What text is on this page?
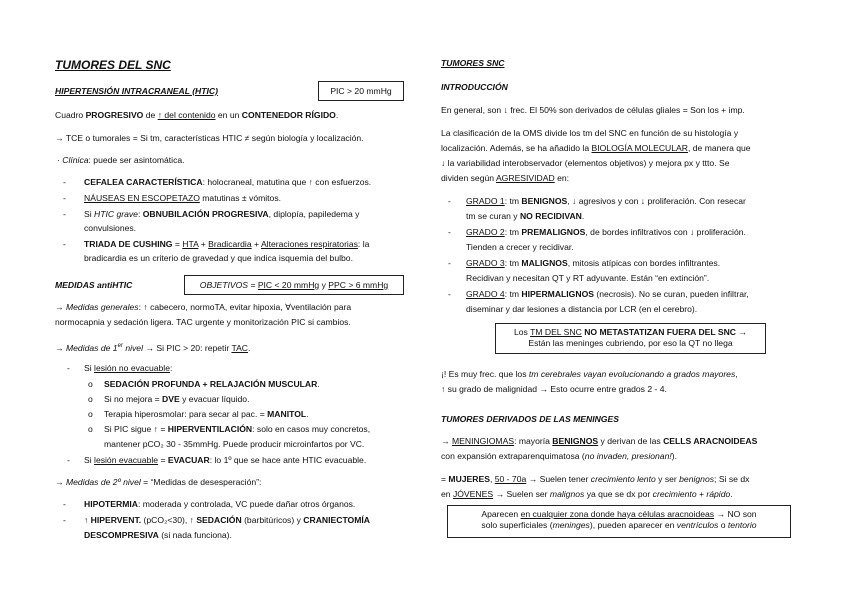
TUMORES DEL SNC
HIPERTENSIÓN INTRACRANEAL (HTIC)	PIC > 20 mmHg
Cuadro PROGRESIVO de ↑ del contenido en un CONTENEDOR RÍGIDO.
→ TCE o tumorales = Si tm, características HTIC ≠ según biología y localización.
· Clínica: puede ser asintomática.
- CEFALEA CARACTERÍSTICA: holocraneal, matutina que ↑ con esfuerzos.
- NÁUSEAS EN ESCOPETAZO matutinas ± vómitos.
- Si HTIC grave: OBNUBILACIÓN PROGRESIVA, diplopía, papiledema y
convulsiones.
- TRIADA DE CUSHING = HTA + Bradicardia + Alteraciones respiratorias: la
bradicardia es un criterio de gravedad y que indica isquemia del bulbo.
MEDIDAS antiHTIC	OBJETIVOS = PIC < 20 mmHg y PPC > 6 mmHg
→ Medidas generales: ↑ cabecero, normoTA, evitar hipoxia, ∀ventilación para
normocapnia y sedación ligera. TAC urgente y monitorización PIC si cambios.
→ Medidas de 1er nivel → Si PIC > 20: repetir TAC.
- Si lesión no evacuable:
o SEDACIÓN PROFUNDA + RELAJACIÓN MUSCULAR.
o Si no mejora = DVE y evacuar líquido.
o Terapia hiperosmolar: para secar al pac. = MANITOL.
o Si PIC sigue ↑ = HIPERVENTILACIÓN: solo en casos muy concretos,
mantener pCO₂ 30 - 35mmHg. Puede producir microinfartos por VC.
- Si lesión evacuable = EVACUAR: lo 1º que se hace ante HTIC evacuable.
→ Medidas de 2º nivel = “Medidas de desesperación”:
- HIPOTERMIA: moderada y controlada, VC puede dañar otros órganos.
- ↑ HIPERVENT. (pCO₂<30), ↑ SEDACIÓN (barbitúricos) y CRANIECTOMÍA
DESCOMPRESIVA (si nada funciona).
TUMORES SNC
INTRODUCCIÓN
En general, son ↓ frec. El 50% son derivados de células gliales = Son los + imp.
La clasificación de la OMS divide los tm del SNC en función de su histología y
localización. Además, se ha añadido la BIOLOGÍA MOLECULAR, de manera que
↓ la variabilidad interobservador (elementos objetivos) y mejora px y ttto. Se
dividen según AGRESIVIDAD en:
- GRADO 1: tm BENIGNOS, ↓ agresivos y con ↓ proliferación. Con resecar
tm se curan y NO RECIDIVAN.
- GRADO 2: tm PREMALIGNOS, de bordes infiltrativos con ↓ proliferación.
Tienden a crecer y recidivar.
- GRADO 3: tm MALIGNOS, mitosis atípicas con bordes infiltrantes.
Recidivan y necesitan QT y RT adyuvante. Están “en extinción”.
- GRADO 4: tm HIPERMALIGNOS (necrosis). No se curan, pueden infiltrar,
diseminar y dar lesiones a distancia por LCR (en el cerebro).
Los TM DEL SNC NO METASTATIZAN FUERA DEL SNC →
Están las meninges cubriendo, por eso la QT no llega
¡! Es muy frec. que los tm cerebrales vayan evolucionando a grados mayores,
↑ su grado de malignidad → Esto ocurre entre grados 2 - 4.
TUMORES DERIVADOS DE LAS MENINGES
→ MENINGIOMAS: mayoría BENIGNOS y derivan de las CELLS ARACNOIDEAS
con expansión extraparenquimatosa (no invaden, presionan!).
= MUJERES, 50 - 70a → Suelen tener crecimiento lento y ser benignos; Si se dx
en JÓVENES → Suelen ser malignos ya que se dx por crecimiento + rápido.
Aparecen en cualquier zona donde haya células aracnoideas → NO son
solo superficiales (meninges), pueden aparecer en ventrículos o tentorio
